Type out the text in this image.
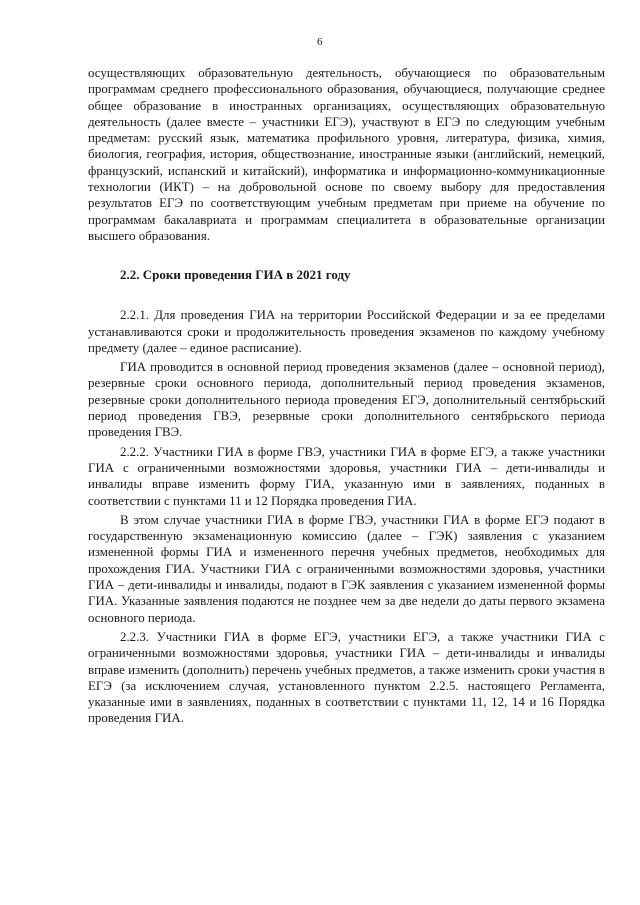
6

осуществляющих образовательную деятельность, обучающиеся по образовательным программам среднего профессионального образования, обучающиеся, получающие среднее общее образование в иностранных организациях, осуществляющих образовательную деятельность (далее вместе – участники ЕГЭ), участвуют в ЕГЭ по следующим учебным предметам: русский язык, математика профильного уровня, литература, физика, химия, биология, география, история, обществознание, иностранные языки (английский, немецкий, французский, испанский и китайский), информатика и информационно-коммуникационные технологии (ИКТ) – на добровольной основе по своему выбору для предоставления результатов ЕГЭ по соответствующим учебным предметам при приеме на обучение по программам бакалавриата и программам специалитета в образовательные организации высшего образования.

2.2. Сроки проведения ГИА в 2021 году

2.2.1. Для проведения ГИА на территории Российской Федерации и за ее пределами устанавливаются сроки и продолжительность проведения экзаменов по каждому учебному предмету (далее – единое расписание).

ГИА проводится в основной период проведения экзаменов (далее – основной период), резервные сроки основного периода, дополнительный период проведения экзаменов, резервные сроки дополнительного периода проведения ЕГЭ, дополнительный сентябрьский период проведения ГВЭ, резервные сроки дополнительного сентябрьского периода проведения ГВЭ.

2.2.2. Участники ГИА в форме ГВЭ, участники ГИА в форме ЕГЭ, а также участники ГИА с ограниченными возможностями здоровья, участники ГИА – дети-инвалиды и инвалиды вправе изменить форму ГИА, указанную ими в заявлениях, поданных в соответствии с пунктами 11 и 12 Порядка проведения ГИА.

В этом случае участники ГИА в форме ГВЭ, участники ГИА в форме ЕГЭ подают в государственную экзаменационную комиссию (далее – ГЭК) заявления с указанием измененной формы ГИА и измененного перечня учебных предметов, необходимых для прохождения ГИА. Участники ГИА с ограниченными возможностями здоровья, участники ГИА – дети-инвалиды и инвалиды, подают в ГЭК заявления с указанием измененной формы ГИА. Указанные заявления подаются не позднее чем за две недели до даты первого экзамена основного периода.

2.2.3. Участники ГИА в форме ЕГЭ, участники ЕГЭ, а также участники ГИА с ограниченными возможностями здоровья, участники ГИА – дети-инвалиды и инвалиды вправе изменить (дополнить) перечень учебных предметов, а также изменить сроки участия в ЕГЭ (за исключением случая, установленного пунктом 2.2.5. настоящего Регламента, указанные ими в заявлениях, поданных в соответствии с пунктами 11, 12, 14 и 16 Порядка проведения ГИА.
